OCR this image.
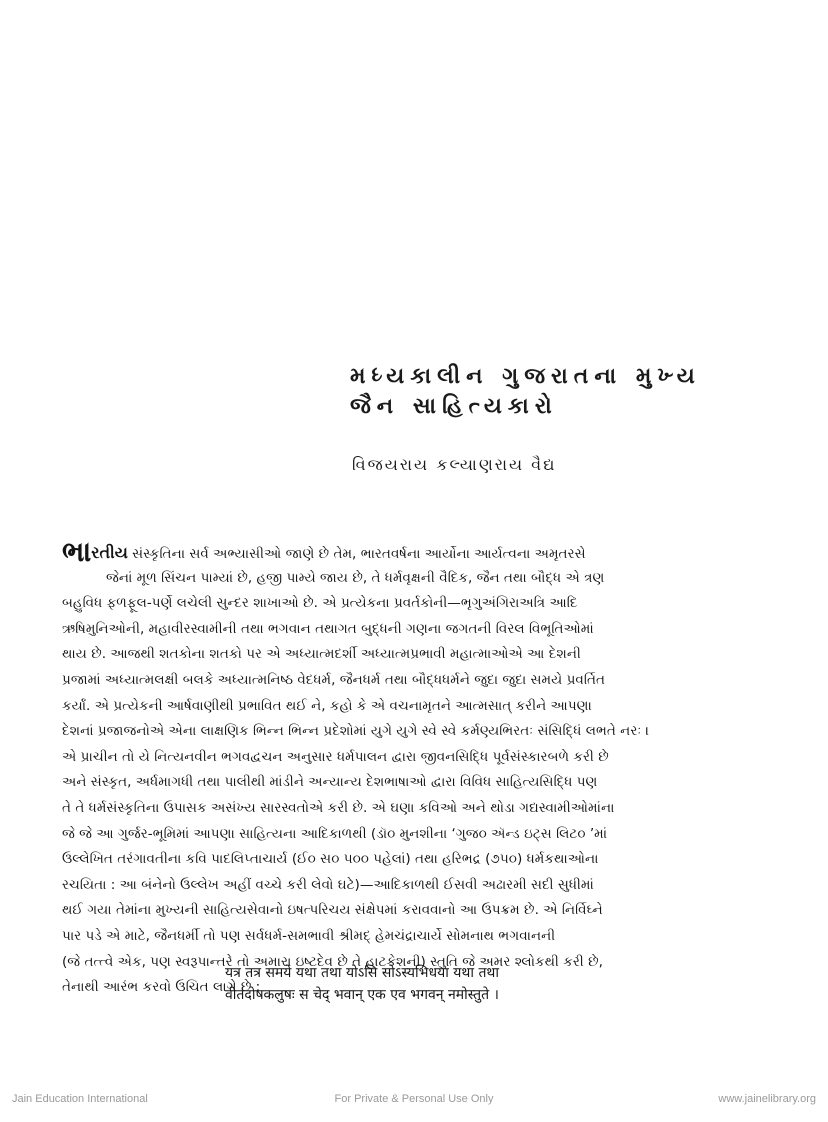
મધ્યકાલીન ગુજરાતના મુખ્ય
જૈન સાહિત્યકારો
વિજયરાય કલ્યાણરાય વૈદ્ય
ભારતીય સંસ્કૃતિના સર્વ અભ્યાસીઓ જાણે છે તેમ, ભારતવર્ષના આર્યોના આર્યત્વના અમૃતરસે
જેનાં મૂળ સિંચન પામ્યાં છે, હજી પામ્યે જાય છે, તે ધર્મવૃક્ષની વૈદિક, જૈન તથા બૌદ્ધ એ ત્રણ
બહુવિધ ફળફૂલ-પર્ણે લચેલી સુન્દર શાખાઓ છે. એ પ્રત્યેકના પ્રવર્તકોની—ભૃગુઅંગિરાઅત્રિ આદિ
ઋષિમુનિઓની, મહાવીરસ્વામીની તથા ભગવાન તથાગત બુદ્ધની ગણના જગતની વિરલ વિભૂતિઓમાં
થાય છે. આજથી શતકોના શતકો પર એ અધ્યાત્મદર્શી અધ્યાત્મપ્રભાવી મહાત્માઓએ આ દેશની
પ્રજામાં અધ્યાત્મલક્ષી બલકે અધ્યાત્મનિષ્ઠ વેદધર્મ, જૈનધર્મ તથા બૌદ્ધધર્મને જુદા જુદા સમયે પ્રવર્તિત
કર્યાં. એ પ્રત્યેકની આર્ષવાણીથી પ્રભાવિત થઈ ને, કહો કે એ વચનામૃતને આત્મસાત્ કરીને આપણા
દેશનાં પ્રજાજનોએ એના લાક્ષણિક ભિન્ન ભિન્ન પ્રદેશોમાં યુગે યુગે સ્વે સ્વે કર્મણ્યભિરતઃ સંસિદ્ધિં લભતે નરઃ ।
એ પ્રાચીન તો યે નિત્યનવીન ભગવદ્વચન અનુસાર ધર્મપાલન દ્વારા જીવનસિદ્ધિ પૂર્વસંસ્કારબળે કરી છે
અને સંસ્કૃત, અર્ધમાગધી તથા પાલીથી માંડીને અન્યાન્ય દેશભાષાઓ દ્વારા વિવિધ સાહિત્યસિદ્ધિ પણ
તે તે ધર્મસંસ્કૃતિના ઉપાસક અસંખ્ય સારસ્વતોએ કરી છે. એ ઘણા કવિઓ અને થોડા ગદ્યસ્વામીઓમાંના
જે જે આ ગુર્જર-ભૂમિમાં આપણા સાહિત્યના આદિકાળથી (ડૉ૦ મુનશીના ‘ગુજ૦ ઍન્ડ ઇટ્સ લિટ૦ ’માં
ઉલ્લેખિત તરંગાવતીના કવિ પાદલિપ્તાચાર્ય (ઈ૦ સ૦ ૫૦૦ પહેલાં) તથા હરિભદ્ર (૭૫૦) ધર્મકથાઓના
રચયિતા : આ બંનેનો ઉલ્લેખ અહીં વચ્ચે કરી લેવો ઘટે)—આદિકાળથી ઈસવી અઢારમી સદી સુધીમાં
થઈ ગયા તેમાંના મુખ્યની સાહિત્યસેવાનો ઇષત્પરિચય સંક્ષેપમાં કરાવવાનો આ ઉપક્રમ છે. એ નિર્વિઘ્ને
પાર પડે એ માટે, જૈનધર્મી તો પણ સર્વધર્મ-સમભાવી શ્રીમદ્ હેમચંદ્રાચાર્યે સોમનાથ ભગવાનની
(જે તત્ત્વે એક, પણ સ્વરૂપાન્તરે તો અમારા ઇષ્ટદેવ છે તે હાટકેશની) સ્તુતિ જે અમર શ્લોકથી કરી છે,
તેનાથી આરંભ કરવો ઉચિત લાગે છે :
यत्र तत्र समये यथा तथा योऽसि सोऽस्यभिधया यथा तथा
वीतदोषकलुषः स चेद् भवान् एक एव भगवन् नमोस्तुते ।
Jain Education International	For Private & Personal Use Only	www.jainelibrary.org
